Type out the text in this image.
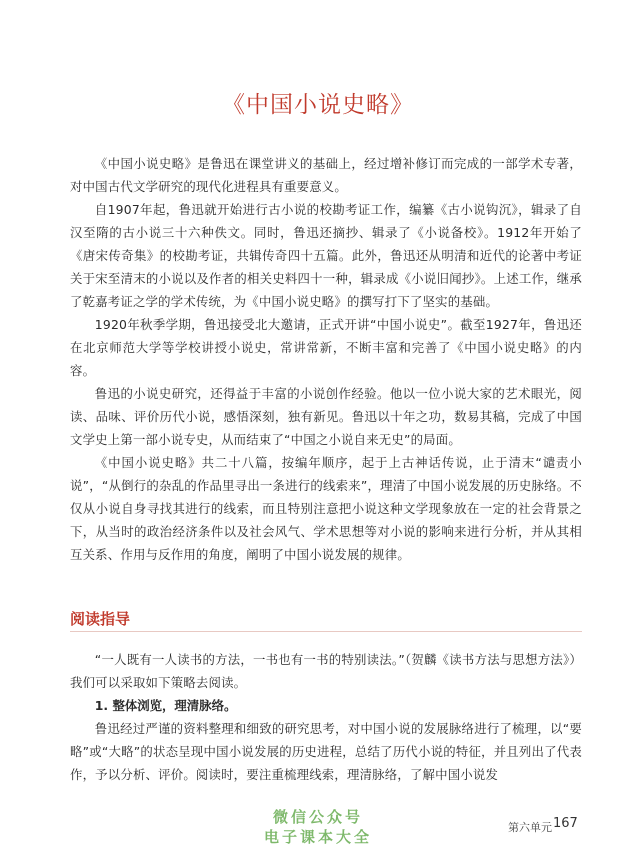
《中国小说史略》

《中国小说史略》是鲁迅在课堂讲义的基础上，经过增补修订而完成的一部学术专著，对中国古代文学研究的现代化进程具有重要意义。

自1907年起，鲁迅就开始进行古小说的校勘考证工作，编纂《古小说钩沉》，辑录了自汉至隋的古小说三十六种佚文。同时，鲁迅还摘抄、辑录了《小说备校》。1912年开始了《唐宋传奇集》的校勘考证，共辑传奇四十五篇。此外，鲁迅还从明清和近代的论著中考证关于宋至清末的小说以及作者的相关史料四十一种，辑录成《小说旧闻抄》。上述工作，继承了乾嘉考证之学的学术传统，为《中国小说史略》的撰写打下了坚实的基础。

1920年秋季学期，鲁迅接受北大邀请，正式开讲“中国小说史”。截至1927年，鲁迅还在北京师范大学等学校讲授小说史，常讲常新，不断丰富和完善了《中国小说史略》的内容。

鲁迅的小说史研究，还得益于丰富的小说创作经验。他以一位小说大家的艺术眼光，阅读、品味、评价历代小说，感悟深刻，独有新见。鲁迅以十年之功，数易其稿，完成了中国文学史上第一部小说专史，从而结束了“中国之小说自来无史”的局面。

《中国小说史略》共二十八篇，按编年顺序，起于上古神话传说，止于清末“谴责小说”，“从倒行的杂乱的作品里寻出一条进行的线索来”，理清了中国小说发展的历史脉络。不仅从小说自身寻找其进行的线索，而且特别注意把小说这种文学现象放在一定的社会背景之下，从当时的政治经济条件以及社会风气、学术思想等对小说的影响来进行分析，并从其相互关系、作用与反作用的角度，阐明了中国小说发展的规律。

阅读指导

“一人既有一人读书的方法，一书也有一书的特别读法。”（贺麟《读书方法与思想方法》）我们可以采取如下策略去阅读。

1. 整体浏览，理清脉络。

鲁迅经过严谨的资料整理和细致的研究思考，对中国小说的发展脉络进行了梳理，以“要略”或“大略”的状态呈现中国小说发展的历史进程，总结了历代小说的特征，并且列出了代表作，予以分析、评价。阅读时，要注重梳理线索，理清脉络，了解中国小说发

微信公众号
电子课本大全
第六单元 167
